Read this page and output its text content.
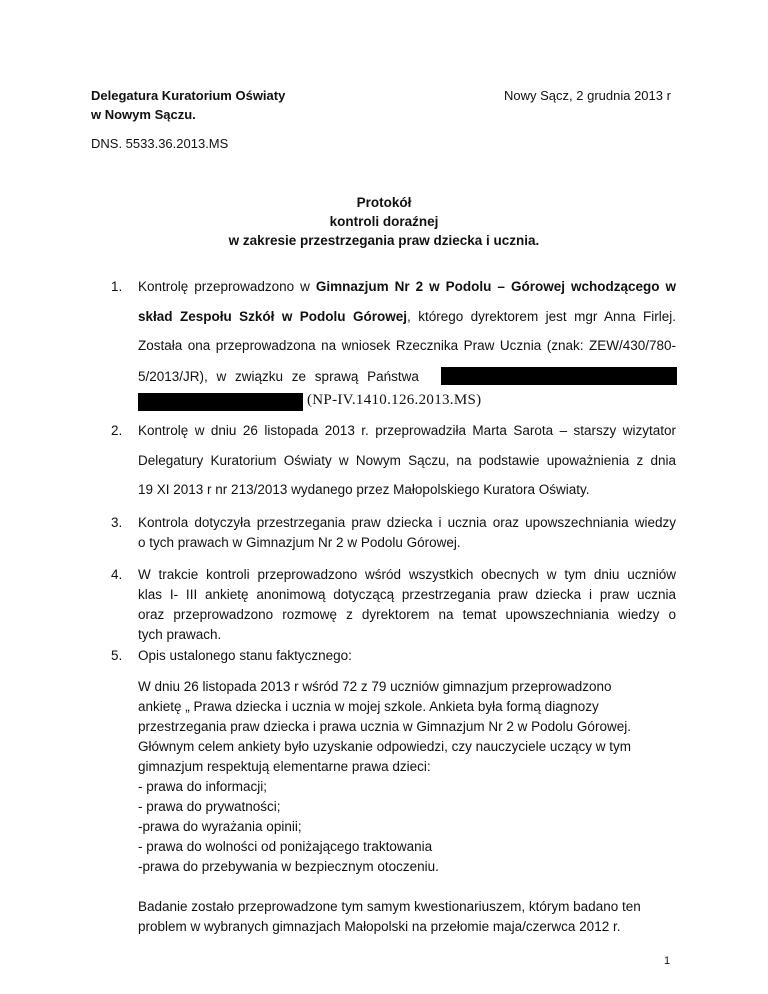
Delegatura Kuratorium Oświaty
w Nowym Sączu.
Nowy Sącz, 2 grudnia 2013 r
DNS. 5533.36.2013.MS
Protokół
kontroli doraźnej
w zakresie przestrzegania praw dziecka i ucznia.
1. Kontrolę przeprowadzono w Gimnazjum Nr 2 w Podolu – Górowej wchodzącego w
skład Zespołu Szkół w Podolu Górowej, którego dyrektorem jest mgr Anna Firlej.
Została ona przeprowadzona na wniosek Rzecznika Praw Ucznia (znak: ZEW/430/780-
5/2013/JR), w związku ze sprawą Państwa
(NP-IV.1410.126.2013.MS)
2. Kontrolę w dniu 26 listopada 2013 r. przeprowadziła Marta Sarota – starszy wizytator
Delegatury Kuratorium Oświaty w Nowym Sączu, na podstawie upoważnienia z dnia
19 XI 2013 r nr 213/2013 wydanego przez Małopolskiego Kuratora Oświaty.
3. Kontrola dotyczyła przestrzegania praw dziecka i ucznia oraz upowszechniania wiedzy
o tych prawach w Gimnazjum Nr 2 w Podolu Górowej.
4. W trakcie kontroli przeprowadzono wśród wszystkich obecnych w tym dniu uczniów
klas I- III ankietę anonimową dotyczącą przestrzegania praw dziecka i praw ucznia
oraz przeprowadzono rozmowę z dyrektorem na temat upowszechniania wiedzy o
tych prawach.
5. Opis ustalonego stanu faktycznego:
W dniu 26 listopada 2013 r wśród 72 z 79 uczniów gimnazjum przeprowadzono
ankietę „ Prawa dziecka i ucznia w mojej szkole. Ankieta była formą diagnozy
przestrzegania praw dziecka i prawa ucznia w Gimnazjum Nr 2 w Podolu Górowej.
Głównym celem ankiety było uzyskanie odpowiedzi, czy nauczyciele uczący w tym
gimnazjum respektują elementarne prawa dzieci:
- prawa do informacji;
- prawa do prywatności;
-prawa do wyrażania opinii;
- prawa do wolności od poniżającego traktowania
-prawa do przebywania w bezpiecznym otoczeniu.
Badanie zostało przeprowadzone tym samym kwestionariuszem, którym badano ten
problem w wybranych gimnazjach Małopolski na przełomie maja/czerwca 2012 r.
1
